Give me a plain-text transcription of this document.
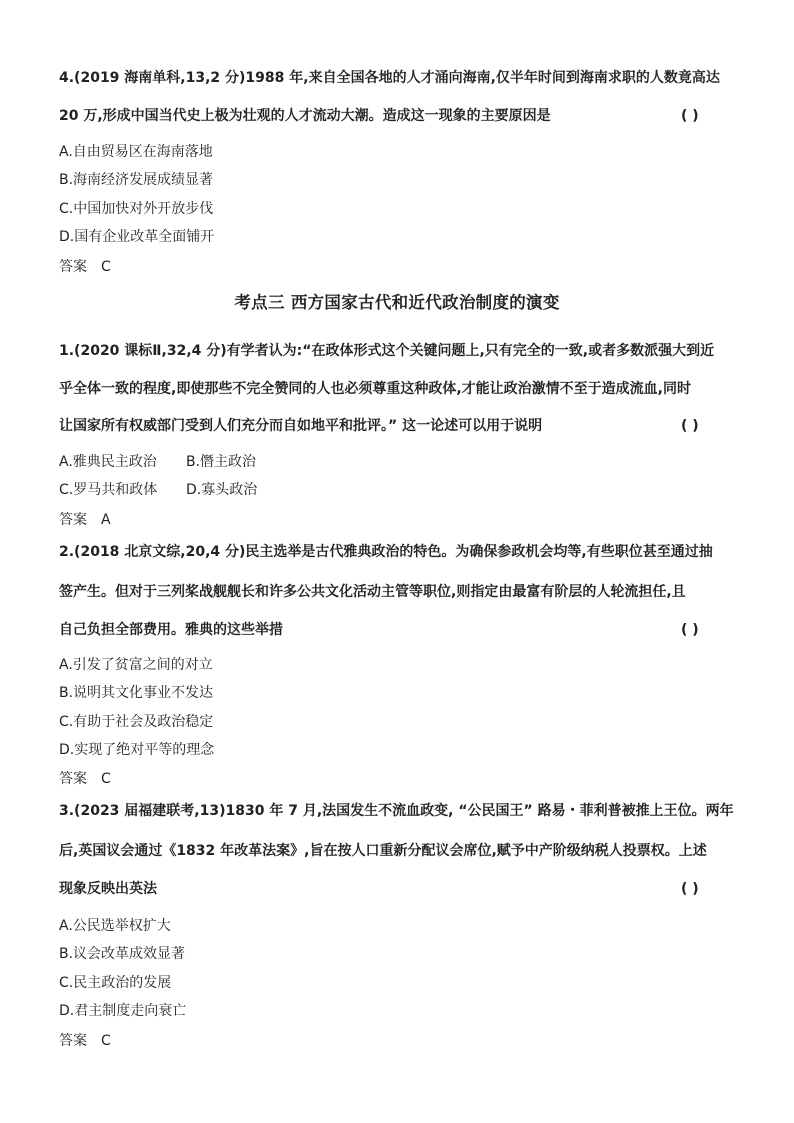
4.(2019 海南单科,13,2 分)1988 年,来自全国各地的人才涌向海南,仅半年时间到海南求职的人数竟高达
20 万,形成中国当代史上极为壮观的人才流动大潮。造成这一现象的主要原因是	( )
A.自由贸易区在海南落地
B.海南经济发展成绩显著
C.中国加快对外开放步伐
D.国有企业改革全面铺开
答案 C
考点三 西方国家古代和近代政治制度的演变
1.(2020 课标Ⅱ,32,4 分)有学者认为:“在政体形式这个关键问题上,只有完全的一致,或者多数派强大到近
乎全体一致的程度,即使那些不完全赞同的人也必须尊重这种政体,才能让政治激情不至于造成流血,同时
让国家所有权威部门受到人们充分而自如地平和批评。” 这一论述可以用于说明	( )
A.雅典民主政治 B.僭主政治
C.罗马共和政体 D.寡头政治
答案 A
2.(2018 北京文综,20,4 分)民主选举是古代雅典政治的特色。为确保参政机会均等,有些职位甚至通过抽
签产生。但对于三列桨战舰舰长和许多公共文化活动主管等职位,则指定由最富有阶层的人轮流担任,且
自己负担全部费用。雅典的这些举措	( )
A.引发了贫富之间的对立
B.说明其文化事业不发达
C.有助于社会及政治稳定
D.实现了绝对平等的理念
答案 C
3.(2023 届福建联考,13)1830 年 7 月,法国发生不流血政变, “公民国王” 路易・菲利普被推上王位。两年
后,英国议会通过《1832 年改革法案》,旨在按人口重新分配议会席位,赋予中产阶级纳税人投票权。上述
现象反映出英法	( )
A.公民选举权扩大
B.议会改革成效显著
C.民主政治的发展
D.君主制度走向衰亡
答案 C
